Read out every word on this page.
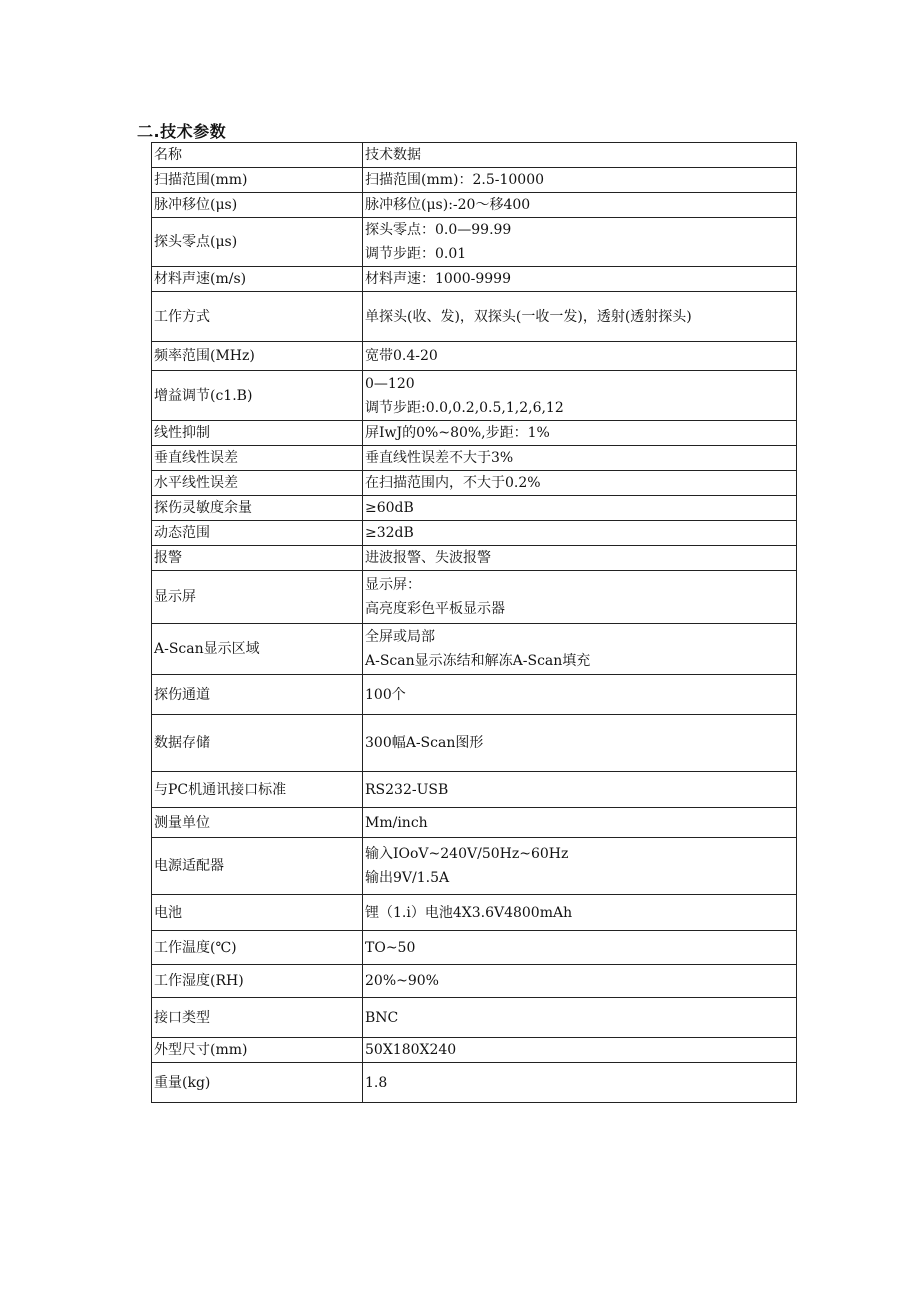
二.技术参数
名称	技术数据
扫描范围(mm)	扫描范围(mm)：2.5-10000

脉冲移位(μs)	脉冲移位(μs):-20～移400

探头零点(μs)	探头零点：0.0—99.99
调节步距：0.01

材料声速(m/s)	材料声速：1000-9999

工作方式	单探头(收、发)，双探头(一收一发)，透射(透射探头)

频率范围(MHz)	宽带0.4-20

增益调节(c1.B)	0—120
调节步距:0.0,0.2,0.5,1,2,6,12

线性抑制	屏IwJ的0%~80%,步距：1%

垂直线性误差	垂直线性误差不大于3%

水平线性误差	在扫描范围内，不大于0.2%

探伤灵敏度余量	≥60dB

动态范围	≥32dB

报警	进波报警、失波报警

显示屏	显示屏：
高亮度彩色平板显示器

A-Scan显示区域	全屏或局部
A-Scan显示冻结和解冻A-Scan填充

探伤通道	100个

数据存储	300幅A-Scan图形

与PC机通讯接口标准	RS232-USB

测量单位	Mm/inch

电源适配器	输入IOoV~240V/50Hz~60Hz
输出9V/1.5A

电池	锂（1.i）电池4X3.6V4800mAh

工作温度(℃)	TO~50

工作湿度(RH)	20%~90%

接口类型	BNC

外型尺寸(mm)	50X180X240

重量(kg)	1.8
